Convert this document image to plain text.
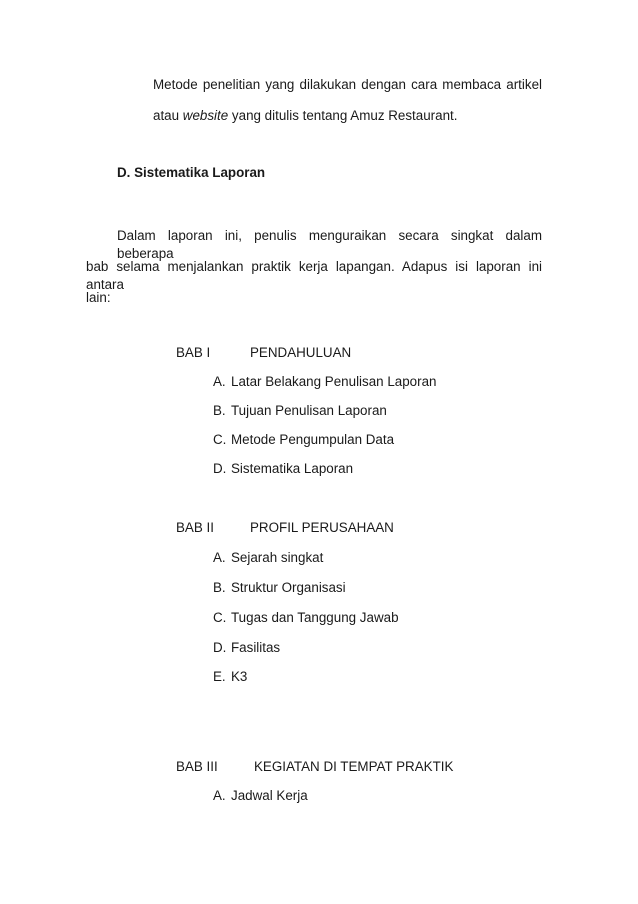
Metode penelitian yang dilakukan dengan cara membaca artikel
atau website yang ditulis tentang Amuz Restaurant.
D. Sistematika Laporan
Dalam laporan ini, penulis menguraikan secara singkat dalam beberapa
bab selama menjalankan praktik kerja lapangan. Adapus isi laporan ini antara
lain:
BAB I	PENDAHULUAN
A. Latar Belakang Penulisan Laporan
B. Tujuan Penulisan Laporan
C. Metode Pengumpulan Data
D. Sistematika Laporan
BAB II	PROFIL PERUSAHAAN
A. Sejarah singkat
B. Struktur Organisasi
C. Tugas dan Tanggung Jawab
D. Fasilitas
E. K3
BAB III	KEGIATAN DI TEMPAT PRAKTIK
A. Jadwal Kerja
